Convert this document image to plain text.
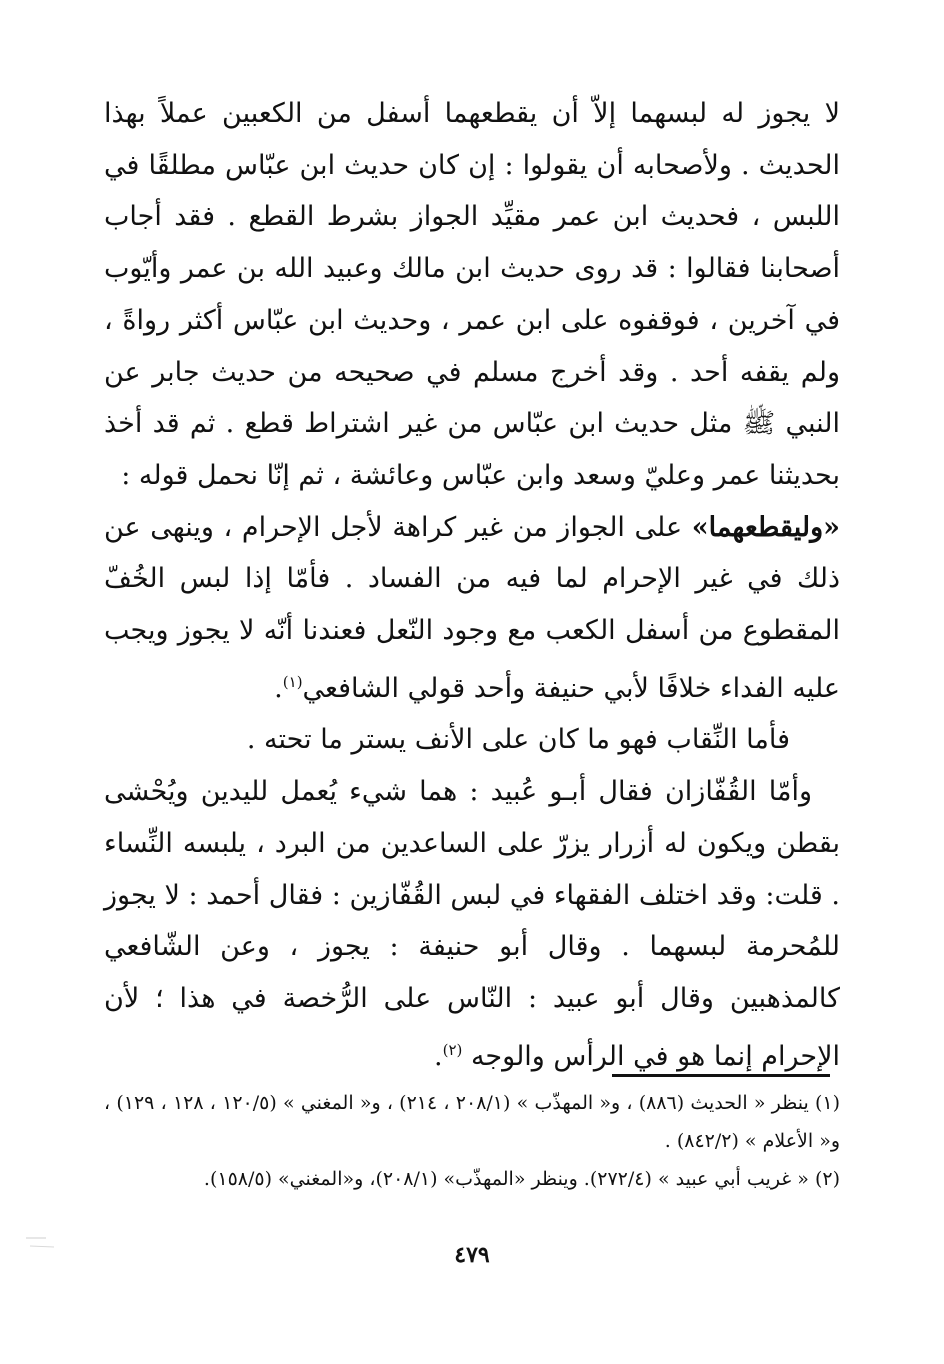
لا يجوز له لبسهما إلاّ أن يقطعهما أسفل من الكعبين عملاً بهذا الحديث . ولأصحابه أن يقولوا : إن كان حديث ابن عبّاس مطلقًا في اللبس ، فحديث ابن عمر مقيِّد الجواز بشرط القطع . فقد أجاب أصحابنا فقالوا : قد روى حديث ابن مالك وعبيد الله بن عمر وأيّوب في آخرين ، فوقفوه على ابن عمر ، وحديث ابن عبّاس أكثر رواةً ، ولم يقفه أحد . وقد أخرج مسلم في صحيحه من حديث جابر عن النبي ﷺ مثل حديث ابن عبّاس من غير اشتراط قطع . ثم قد أخذ بحديثنا عمر وعليّ وسعد وابن عبّاس وعائشة ، ثم إنّا نحمل قوله :

«وليقطعهما» على الجواز من غير كراهة لأجل الإحرام ، وينهى عن ذلك في غير الإحرام لما فيه من الفساد . فأمّا إذا لبس الخُفّ المقطوع من أسفل الكعب مع وجود النّعل فعندنا أنّه لا يجوز ويجب عليه الفداء خلافًا لأبي حنيفة وأحد قولي الشافعي$^{(١)}$.

فأما النِّقاب فهو ما كان على الأنف يستر ما تحته .

وأمّا القُفّازان فقال أبـو عُبيد : هما شيء يُعمل لليدين ويُحْشى بقطن ويكون له أزرار يزرّ على الساعدين من البرد ، يلبسه النِّساء . قلت: وقد اختلف الفقهاء في لبس القُفّازين : فقال أحمد : لا يجوز للمُحرمة لبسهما . وقال أبو حنيفة : يجوز ، وعن الشّافعي كالمذهبين وقال أبو عبيد : النّاس على الرُّخصة في هذا ؛ لأن الإحرام إنما هو في الرأس والوجه $^{(٢)}$.

(١) ينظر « الحديث (٨٨٦) ، و« المهذّب » (٢٠٨/١ ، ٢١٤) ، و« المغني » (١٢٠/٥ ، ١٢٨ ، ١٢٩) ، و« الأعلام » (٨٤٢/٢) .

(٢) « غريب أبي عبيد » (٢٧٢/٤). وينظر «المهذّب» (٢٠٨/١)، و«المغني» (١٥٨/٥).

٤٧٩
